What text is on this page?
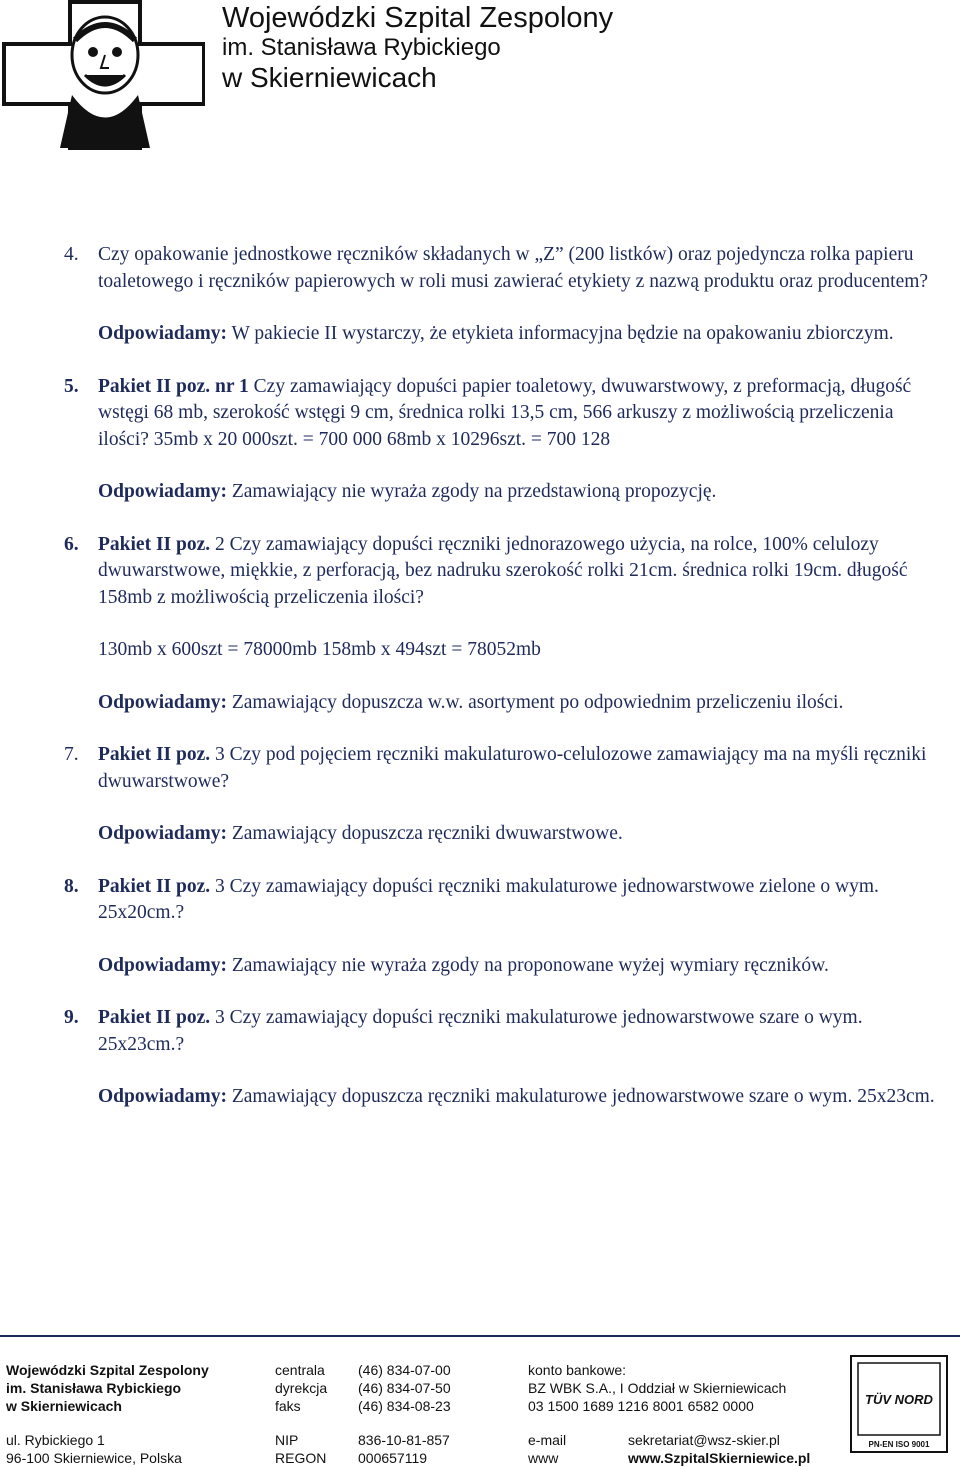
Wojewódzki Szpital Zespolony
im. Stanisława Rybickiego
w Skierniewicach
4. Czy opakowanie jednostkowe ręczników składanych w „Z” (200 listków) oraz pojedyncza rolka papieru toaletowego i ręczników papierowych w roli musi zawierać etykiety z nazwą produktu oraz producentem?

Odpowiadamy: W pakiecie II wystarczy, że etykieta informacyjna będzie na opakowaniu zbiorczym.

5. Pakiet II poz. nr 1 Czy zamawiający dopuści papier toaletowy, dwuwarstwowy, z preformacją, długość wstęgi 68 mb, szerokość wstęgi 9 cm, średnica rolki 13,5 cm, 566 arkuszy z możliwością przeliczenia ilości? 35mb x 20 000szt. = 700 000 68mb x 10296szt. = 700 128

Odpowiadamy: Zamawiający nie wyraża zgody na przedstawioną propozycję.

6. Pakiet II poz. 2 Czy zamawiający dopuści ręczniki jednorazowego użycia, na rolce, 100% celulozy dwuwarstwowe, miękkie, z perforacją, bez nadruku szerokość rolki 21cm. średnica rolki 19cm. długość 158mb z możliwością przeliczenia ilości?

130mb x 600szt = 78000mb 158mb x 494szt = 78052mb

Odpowiadamy: Zamawiający dopuszcza w.w. asortyment po odpowiednim przeliczeniu ilości.

7. Pakiet II poz. 3 Czy pod pojęciem ręczniki makulaturowo-celulozowe zamawiający ma na myśli ręczniki dwuwarstwowe?

Odpowiadamy: Zamawiający dopuszcza ręczniki dwuwarstwowe.

8. Pakiet II poz. 3 Czy zamawiający dopuści ręczniki makulaturowe jednowarstwowe zielone o wym. 25x20cm.?

Odpowiadamy: Zamawiający nie wyraża zgody na proponowane wyżej wymiary ręczników.

9. Pakiet II poz. 3 Czy zamawiający dopuści ręczniki makulaturowe jednowarstwowe szare o wym. 25x23cm.?

Odpowiadamy: Zamawiający dopuszcza ręczniki makulaturowe jednowarstwowe szare o wym. 25x23cm.

Wojewódzki Szpital Zespolony
im. Stanisława Rybickiego
w Skierniewicach
ul. Rybickiego 1
96-100 Skierniewice, Polska
centrala
dyrekcja
faks
NIP
REGON
(46) 834-07-00
(46) 834-07-50
(46) 834-08-23
836-10-81-857
000657119
konto bankowe:
BZ WBK S.A., I Oddział w Skierniewicach
03 1500 1689 1216 8001 6582 0000
e-mail	sekretariat@wsz-skier.pl
www	www.SzpitalSkierniewice.pl
TÜV NORD
PN-EN ISO 9001
